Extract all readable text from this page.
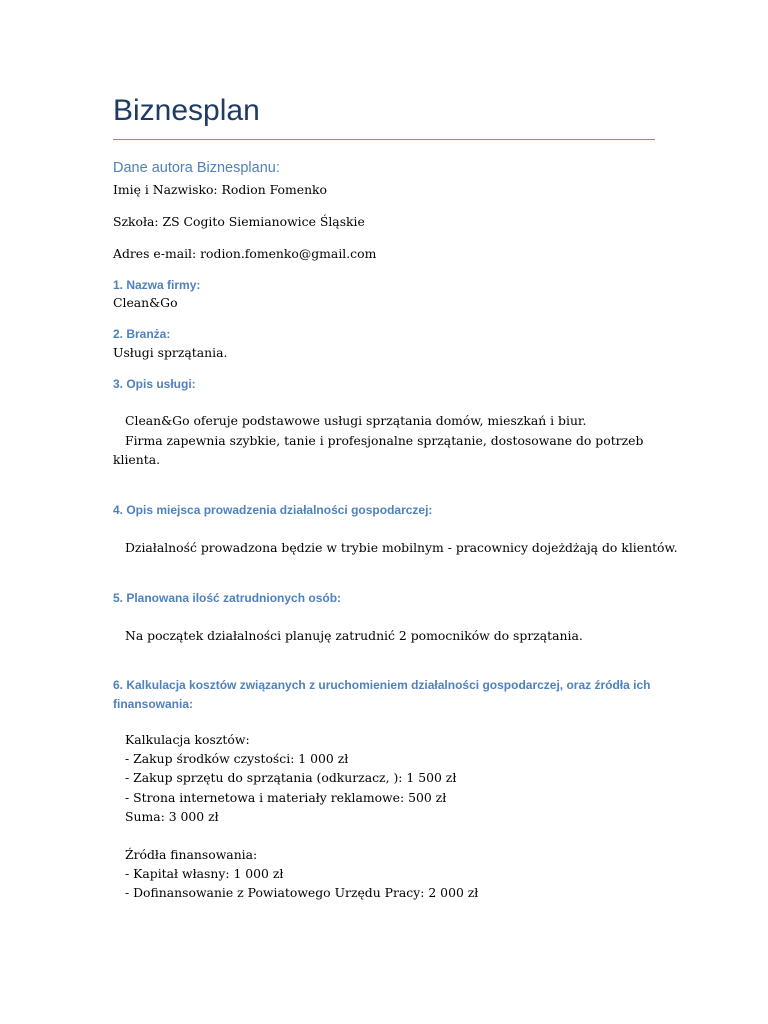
Biznesplan
Dane autora Biznesplanu:

Imię i Nazwisko: Rodion Fomenko

Szkoła: ZS Cogito Siemianowice Śląskie

Adres e-mail: rodion.fomenko@gmail.com

1. Nazwa firmy:

Clean&Go

2. Branża:

Usługi sprzątania.

3. Opis usługi:

Clean&Go oferuje podstawowe usługi sprzątania domów, mieszkań i biur.

Firma zapewnia szybkie, tanie i profesjonalne sprzątanie, dostosowane do potrzeb

klienta.

4. Opis miejsca prowadzenia działalności gospodarczej:

Działalność prowadzona będzie w trybie mobilnym - pracownicy dojeżdżają do klientów.

5. Planowana ilość zatrudnionych osób:

Na początek działalności planuję zatrudnić 2 pomocników do sprzątania.

6. Kalkulacja kosztów związanych z uruchomieniem działalności gospodarczej, oraz źródła ich finansowania:

Kalkulacja kosztów:

- Zakup środków czystości: 1 000 zł

- Zakup sprzętu do sprzątania (odkurzacz, ): 1 500 zł

- Strona internetowa i materiały reklamowe: 500 zł

Suma: 3 000 zł

Źródła finansowania:

- Kapitał własny: 1 000 zł

- Dofinansowanie z Powiatowego Urzędu Pracy: 2 000 zł
